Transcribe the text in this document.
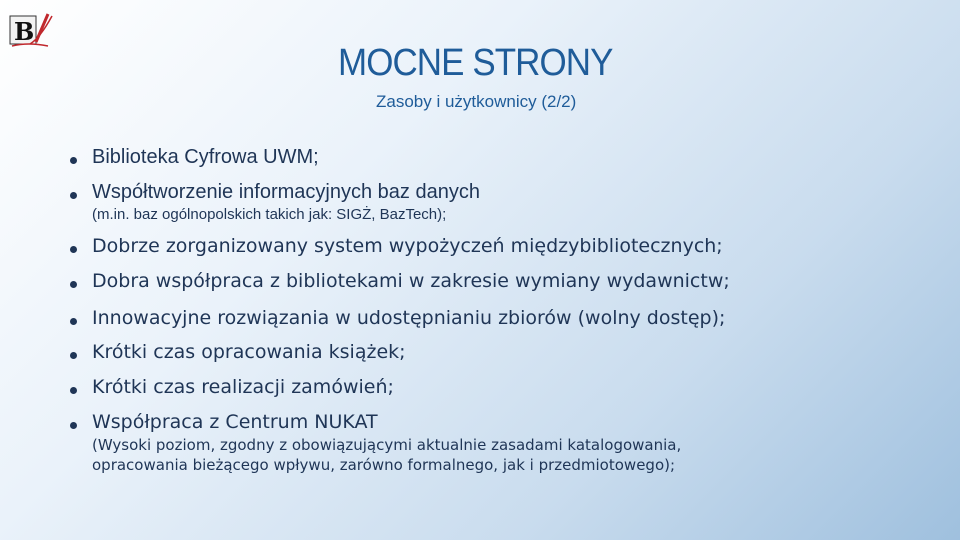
B
MOCNE STRONY
Zasoby i użytkownicy (2/2)
Biblioteka Cyfrowa UWM;
Współtworzenie informacyjnych baz danych
(m.in. baz ogólnopolskich takich jak: SIGŻ, BazTech);
Dobrze zorganizowany system wypożyczeń międzybibliotecznych;
Dobra współpraca z bibliotekami w zakresie wymiany wydawnictw;
Innowacyjne rozwiązania w udostępnianiu zbiorów (wolny dostęp);
Krótki czas opracowania książek;
Krótki czas realizacji zamówień;
Współpraca z Centrum NUKAT
(Wysoki poziom, zgodny z obowiązującymi aktualnie zasadami katalogowania,
opracowania bieżącego wpływu, zarówno formalnego, jak i przedmiotowego);
